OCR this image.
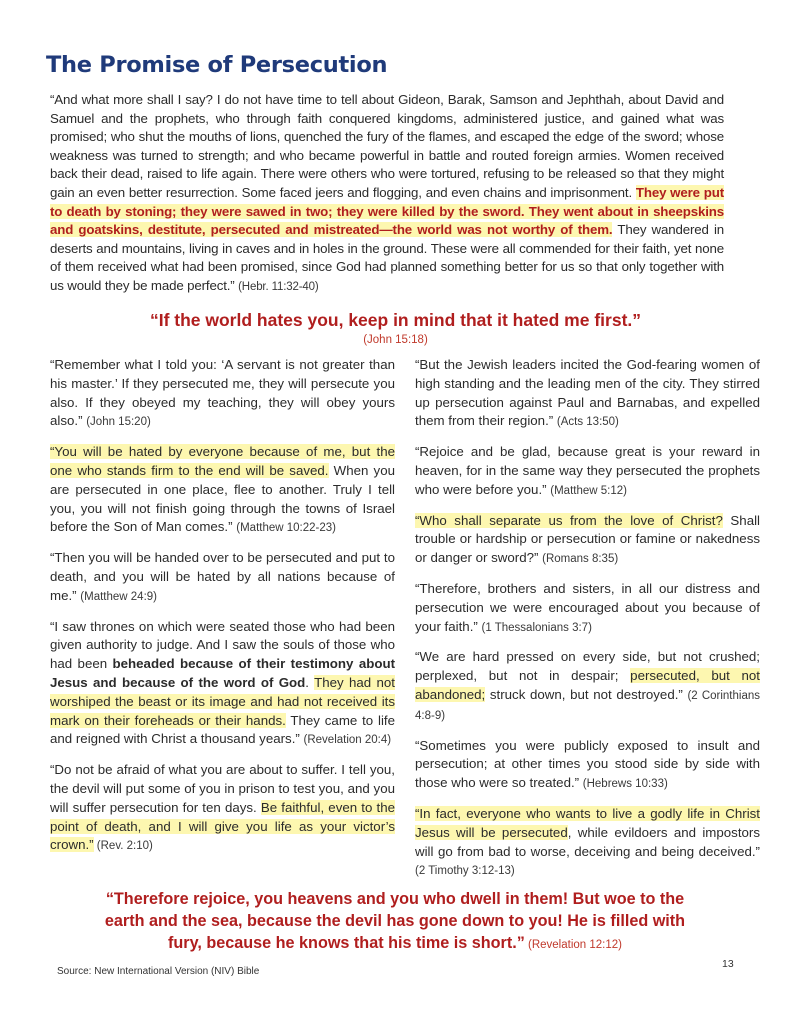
The Promise of Persecution
“And what more shall I say? I do not have time to tell about Gideon, Barak, Samson and Jephthah, about David and Samuel and the prophets, who through faith conquered kingdoms, administered justice, and gained what was promised; who shut the mouths of lions, quenched the fury of the flames, and escaped the edge of the sword; whose weakness was turned to strength; and who became powerful in battle and routed foreign armies. Women received back their dead, raised to life again. There were others who were tortured, refusing to be released so that they might gain an even better resurrection. Some faced jeers and flogging, and even chains and imprisonment. They were put to death by stoning; they were sawed in two; they were killed by the sword. They went about in sheepskins and goatskins, destitute, persecuted and mistreated—the world was not worthy of them. They wandered in deserts and mountains, living in caves and in holes in the ground. These were all commended for their faith, yet none of them received what had been promised, since God had planned something better for us so that only together with us would they be made perfect.” (Hebr. 11:32-40)
“If the world hates you, keep in mind that it hated me first.”
(John 15:18)

“Remember what I told you: ‘A servant is not greater than his master.’ If they persecuted me, they will persecute you also. If they obeyed my teaching, they will obey yours also.” (John 15:20)

“You will be hated by everyone because of me, but the one who stands firm to the end will be saved. When you are persecuted in one place, flee to another. Truly I tell you, you will not finish going through the towns of Israel before the Son of Man comes.” (Matthew 10:22-23)

“Then you will be handed over to be persecuted and put to death, and you will be hated by all nations because of me.” (Matthew 24:9)

“I saw thrones on which were seated those who had been given authority to judge. And I saw the souls of those who had been beheaded because of their testimony about Jesus and because of the word of God. They had not worshiped the beast or its image and had not received its mark on their foreheads or their hands. They came to life and reigned with Christ a thousand years.” (Revelation 20:4)

“Do not be afraid of what you are about to suffer. I tell you, the devil will put some of you in prison to test you, and you will suffer persecution for ten days. Be faithful, even to the point of death, and I will give you life as your victor’s crown.” (Rev. 2:10)

“But the Jewish leaders incited the God-fearing women of high standing and the leading men of the city. They stirred up persecution against Paul and Barnabas, and expelled them from their region.” (Acts 13:50)

“Rejoice and be glad, because great is your reward in heaven, for in the same way they persecuted the prophets who were before you.” (Matthew 5:12)

“Who shall separate us from the love of Christ? Shall trouble or hardship or persecution or famine or nakedness or danger or sword?” (Romans 8:35)

“Therefore, brothers and sisters, in all our distress and persecution we were encouraged about you because of your faith.” (1 Thessalonians 3:7)

“We are hard pressed on every side, but not crushed; perplexed, but not in despair; persecuted, but not abandoned; struck down, but not destroyed.” (2 Corinthians 4:8-9)

“Sometimes you were publicly exposed to insult and persecution; at other times you stood side by side with those who were so treated.” (Hebrews 10:33)

“In fact, everyone who wants to live a godly life in Christ Jesus will be persecuted, while evildoers and impostors will go from bad to worse, deceiving and being deceived.” (2 Timothy 3:12-13)

“Therefore rejoice, you heavens and you who dwell in them! But woe to the earth and the sea, because the devil has gone down to you! He is filled with fury, because he knows that his time is short.” (Revelation 12:12)
Source: New International Version (NIV) Bible
13
